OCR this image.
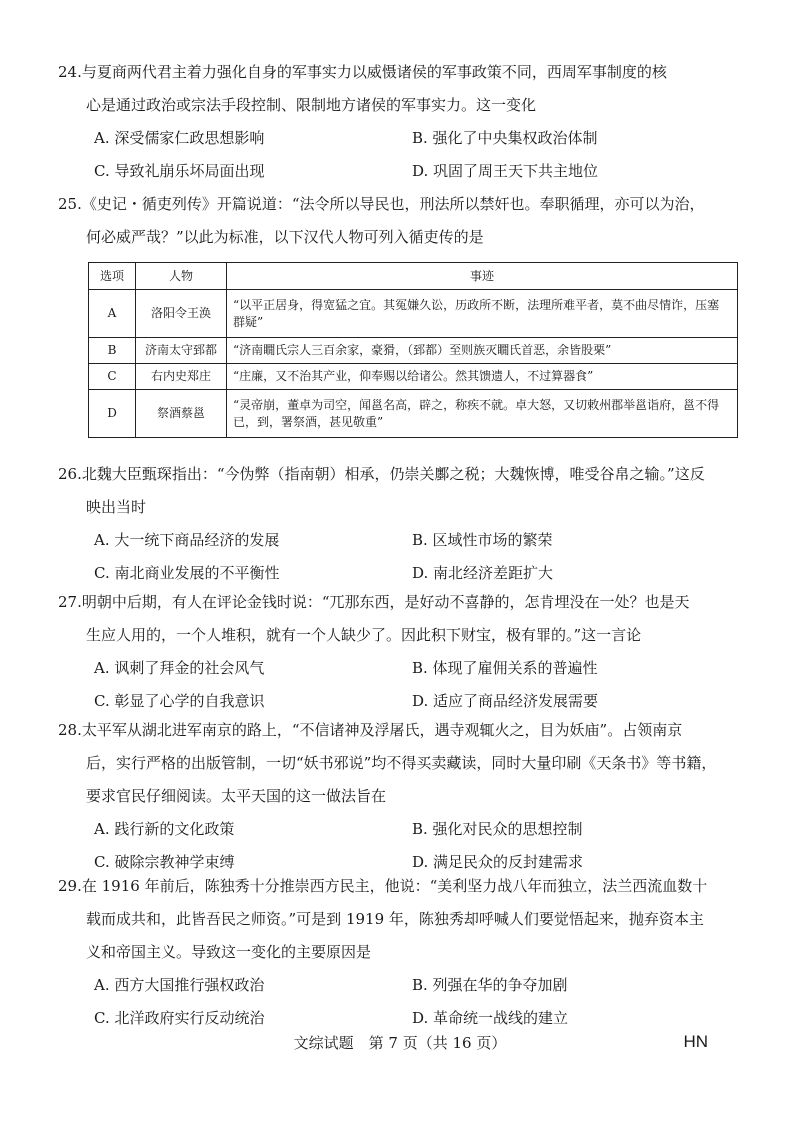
24.与夏商两代君主着力强化自身的军事实力以威慑诸侯的军事政策不同，西周军事制度的核
心是通过政治或宗法手段控制、限制地方诸侯的军事实力。这一变化

A. 深受儒家仁政思想影响	B. 强化了中央集权政治体制
C. 导致礼崩乐坏局面出现	D. 巩固了周王天下共主地位

25.《史记・循吏列传》开篇说道：“法令所以导民也，刑法所以禁奸也。奉职循理，亦可以为治，
何必威严哉？”以此为标准，以下汉代人物可列入循吏传的是

选项	人物	事迹
A	洛阳令王涣	“以平正居身，得宽猛之宜。其冤嫌久讼，历政所不断，法理所难平者，莫不曲尽情诈，压塞群疑”
B	济南太守郅都	“济南瞯氏宗人三百余家，豪猾，（郅都）至则族灭瞯氏首恶，余皆股栗”
C	右内史郑庄	“庄廉，又不治其产业，仰奉赐以给诸公。然其馈遗人，不过算器食”
D	祭酒蔡邕	“灵帝崩，董卓为司空，闻邕名高，辟之，称疾不就。卓大怒，又切敕州郡举邕诣府，邕不得已，到，署祭酒，甚见敬重”

26.北魏大臣甄琛指出：“今伪弊（指南朝）相承，仍崇关鄽之税；大魏恢博，唯受谷帛之输。”这反
映出当时

A. 大一统下商品经济的发展	B. 区域性市场的繁荣
C. 南北商业发展的不平衡性	D. 南北经济差距扩大

27.明朝中后期，有人在评论金钱时说：“兀那东西，是好动不喜静的，怎肯埋没在一处？也是天
生应人用的，一个人堆积，就有一个人缺少了。因此积下财宝，极有罪的。”这一言论

A. 讽刺了拜金的社会风气	B. 体现了雇佣关系的普遍性
C. 彰显了心学的自我意识	D. 适应了商品经济发展需要

28.太平军从湖北进军南京的路上，“不信诸神及浮屠氏，遇寺观辄火之，目为妖庙”。占领南京
后，实行严格的出版管制，一切“妖书邪说”均不得买卖藏读，同时大量印刷《天条书》等书籍，
要求官民仔细阅读。太平天国的这一做法旨在

A. 践行新的文化政策	B. 强化对民众的思想控制
C. 破除宗教神学束缚	D. 满足民众的反封建需求

29.在 1916 年前后，陈独秀十分推崇西方民主，他说：“美利坚力战八年而独立，法兰西流血数十
载而成共和，此皆吾民之师资。”可是到 1919 年，陈独秀却呼喊人们要觉悟起来，抛弃资本主
义和帝国主义。导致这一变化的主要原因是

A. 西方大国推行强权政治	B. 列强在华的争夺加剧
C. 北洋政府实行反动统治	D. 革命统一战线的建立
文综试题　第 7 页（共 16 页）	HN
